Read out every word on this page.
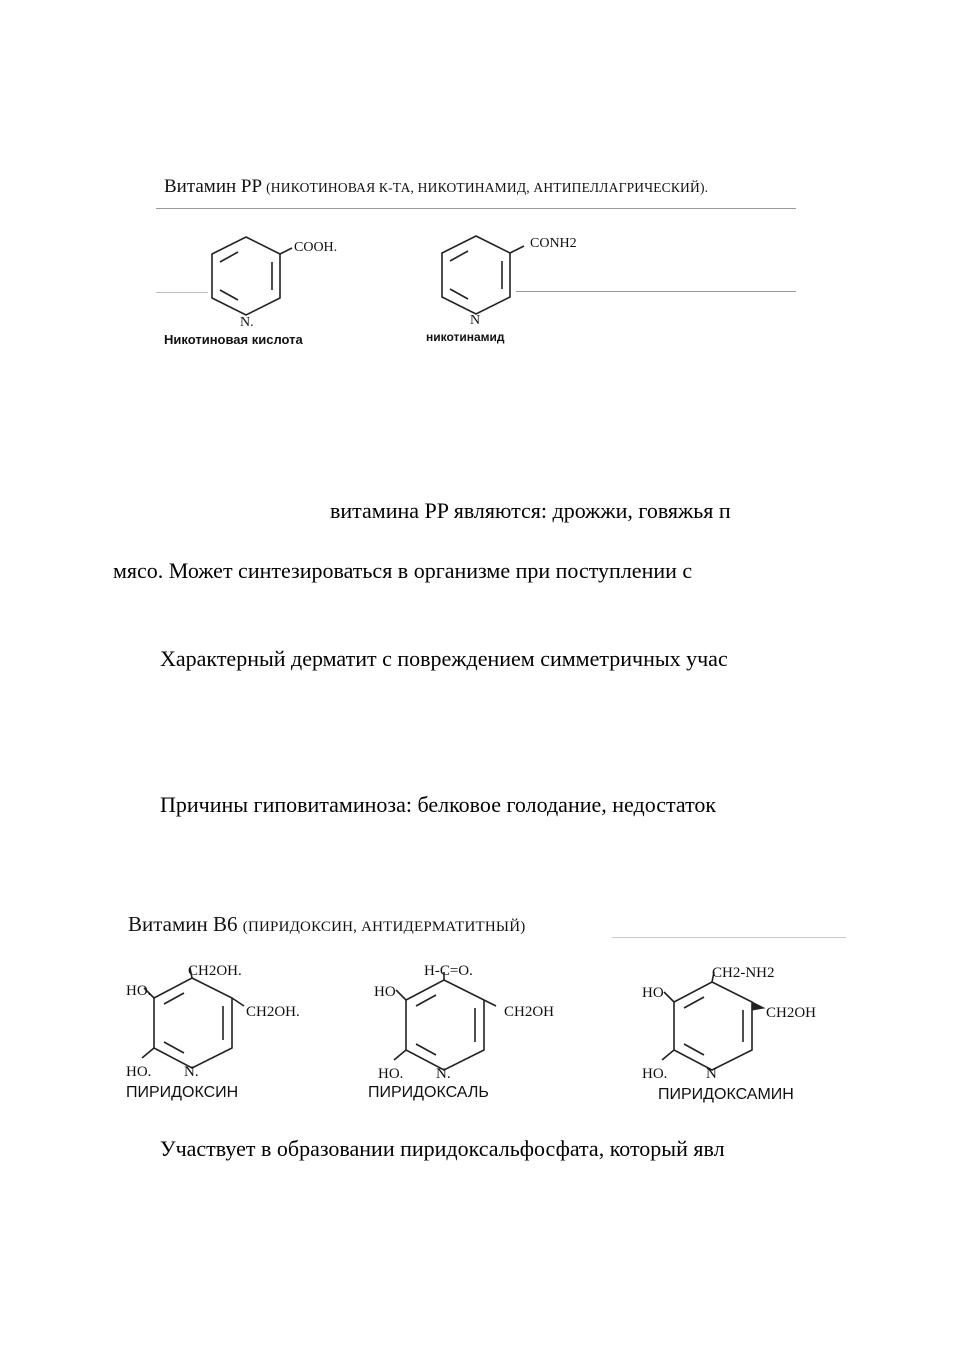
Витамин PP (НИКОТИНОВАЯ К-ТА, НИКОТИНАМИД, АНТИПЕЛЛАГРИЧЕСКИЙ).
COOH.
N.
Никотиновая кислота
CONH2
N
никотинамид
витамина PP являются: дрожжи, говяжья п
мясо. Может синтезироваться в организме при поступлении с
Характерный дерматит с повреждением симметричных учас
Причины гиповитаминоза: белковое голодание, недостаток
Витамин B6 (ПИРИДОКСИН, АНТИДЕРМАТИТНЫЙ)
CH2OH.
HO.
CH2OH.
HO. N.
ПИРИДОКСИН
H-C=O.
HO
CH2OH
HO. N.
ПИРИДОКСАЛЬ
CH2-NH2
HO
CH2OH
HO.	N
ПИРИДОКСАМИН
Участвует в образовании пиридоксальфосфата, который явл
